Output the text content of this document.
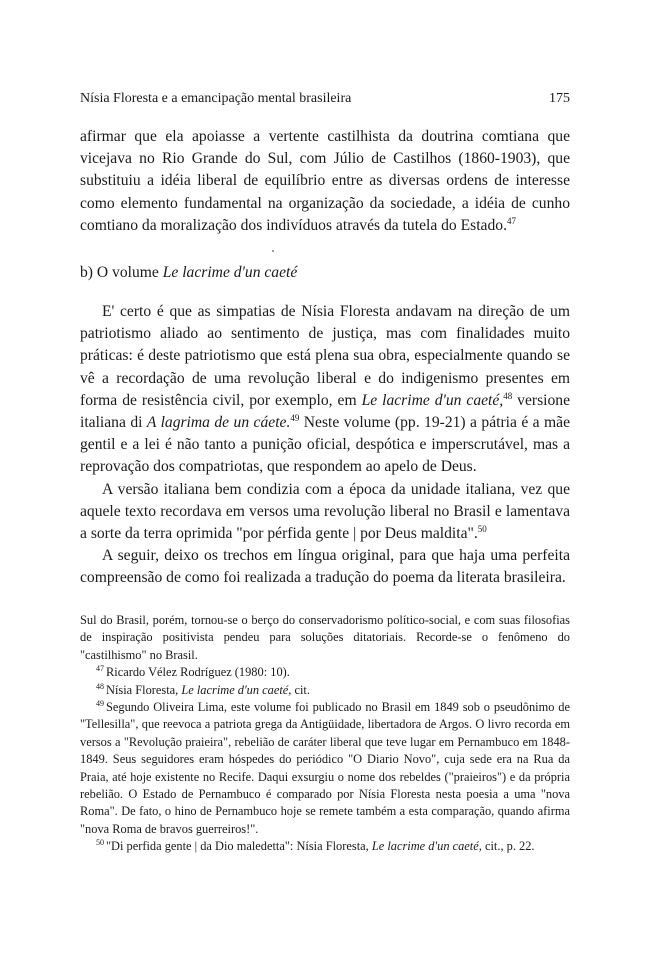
Nísia Floresta e a emancipação mental brasileira	175

afirmar que ela apoiasse a vertente castilhista da doutrina comtiana que vicejava no Rio Grande do Sul, com Júlio de Castilhos (1860-1903), que substituiu a idéia liberal de equilíbrio entre as diversas ordens de interesse como elemento fundamental na organização da sociedade, a idéia de cunho comtiano da moralização dos indivíduos através da tutela do Estado.$^{47}$

b) O volume Le lacrime d'un caeté

E' certo é que as simpatias de Nísia Floresta andavam na direção de um patriotismo aliado ao sentimento de justiça, mas com finalidades muito práticas: é deste patriotismo que está plena sua obra, especialmente quando se vê a recordação de uma revolução liberal e do indigenismo presentes em forma de resistência civil, por exemplo, em Le lacrime d'un caeté,$^{48}$ versione italiana di A lagrima de un cáete.$^{49}$ Neste volume (pp. 19-21) a pátria é a mãe gentil e a lei é não tanto a punição oficial, despótica e imperscrutável, mas a reprovação dos compatriotas, que respondem ao apelo de Deus.

A versão italiana bem condizia com a época da unidade italiana, vez que aquele texto recordava em versos uma revolução liberal no Brasil e lamentava a sorte da terra oprimida "por pérfida gente | por Deus maldita".$^{50}$

A seguir, deixo os trechos em língua original, para que haja uma perfeita compreensão de como foi realizada a tradução do poema da literata brasileira.

Sul do Brasil, porém, tornou-se o berço do conservadorismo político-social, e com suas filosofias de inspiração positivista pendeu para soluções ditatoriais. Recorde-se o fenômeno do "castilhismo" no Brasil.

$^{47}$ Ricardo Vélez Rodríguez (1980: 10).

$^{48}$ Nísia Floresta, Le lacrime d'un caeté, cit.

$^{49}$ Segundo Oliveira Lima, este volume foi publicado no Brasil em 1849 sob o pseudônimo de "Tellesilla", que reevoca a patriota grega da Antigüidade, libertadora de Argos. O livro recorda em versos a "Revolução praieira", rebelião de caráter liberal que teve lugar em Pernambuco em 1848-1849. Seus seguidores eram hóspedes do periódico "O Diario Novo", cuja sede era na Rua da Praia, até hoje existente no Recife. Daqui exsurgiu o nome dos rebeldes ("praieiros") e da própria rebelião. O Estado de Pernambuco é comparado por Nísia Floresta nesta poesia a uma "nova Roma". De fato, o hino de Pernambuco hoje se remete também a esta comparação, quando afirma "nova Roma de bravos guerreiros!".

$^{50}$ "Di perfida gente | da Dio maledetta": Nísia Floresta, Le lacrime d'un caeté, cit., p. 22.
